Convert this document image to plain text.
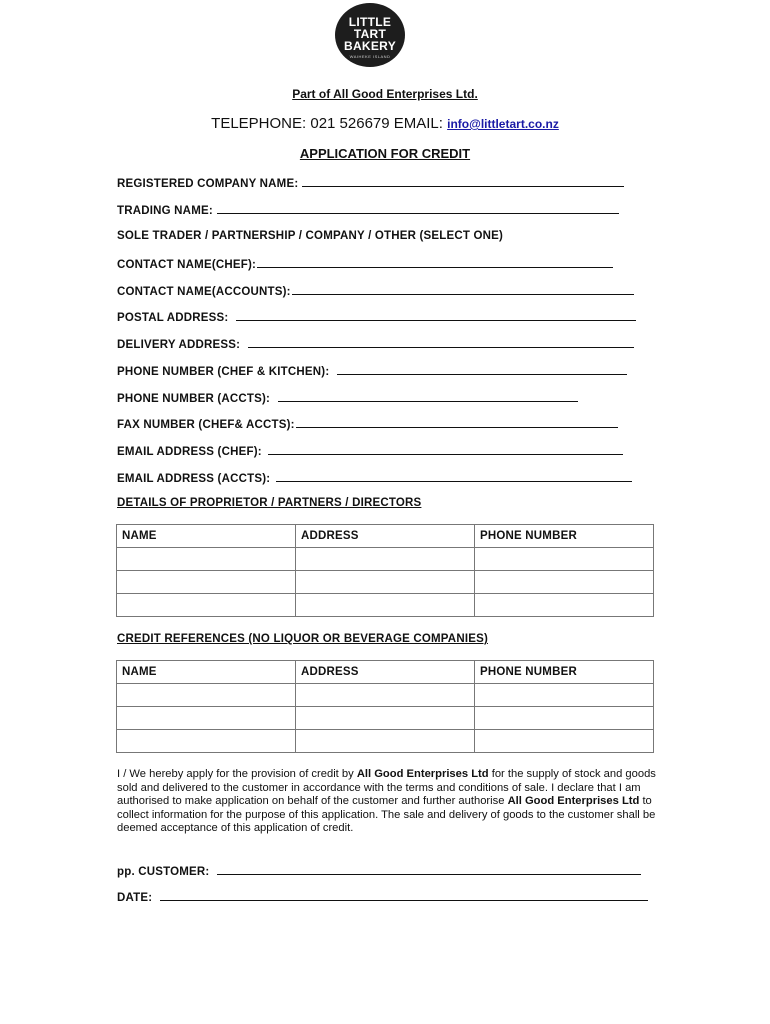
LITTLE
TART
BAKERY
WAIHEKE ISLAND
Part of All Good Enterprises Ltd.
TELEPHONE: 021 526679 EMAIL: info@littletart.co.nz
APPLICATION FOR CREDIT
REGISTERED COMPANY NAME:
TRADING NAME:
SOLE TRADER / PARTNERSHIP / COMPANY / OTHER (SELECT ONE)
CONTACT NAME(CHEF):
CONTACT NAME(ACCOUNTS):
POSTAL ADDRESS:
DELIVERY ADDRESS:
PHONE NUMBER (CHEF & KITCHEN):
PHONE NUMBER (ACCTS):
FAX NUMBER (CHEF& ACCTS):
EMAIL ADDRESS (CHEF):
EMAIL ADDRESS (ACCTS):
DETAILS OF PROPRIETOR / PARTNERS / DIRECTORS
NAME	ADDRESS	PHONE NUMBER

CREDIT REFERENCES (NO LIQUOR OR BEVERAGE COMPANIES)
NAME	ADDRESS	PHONE NUMBER

I / We hereby apply for the provision of credit by All Good Enterprises Ltd for the supply of stock and goods sold and delivered to the customer in accordance with the terms and conditions of sale. I declare that I am authorised to make application on behalf of the customer and further authorise All Good Enterprises Ltd to collect information for the purpose of this application. The sale and delivery of goods to the customer shall be deemed acceptance of this application of credit.
pp. CUSTOMER:
DATE:
